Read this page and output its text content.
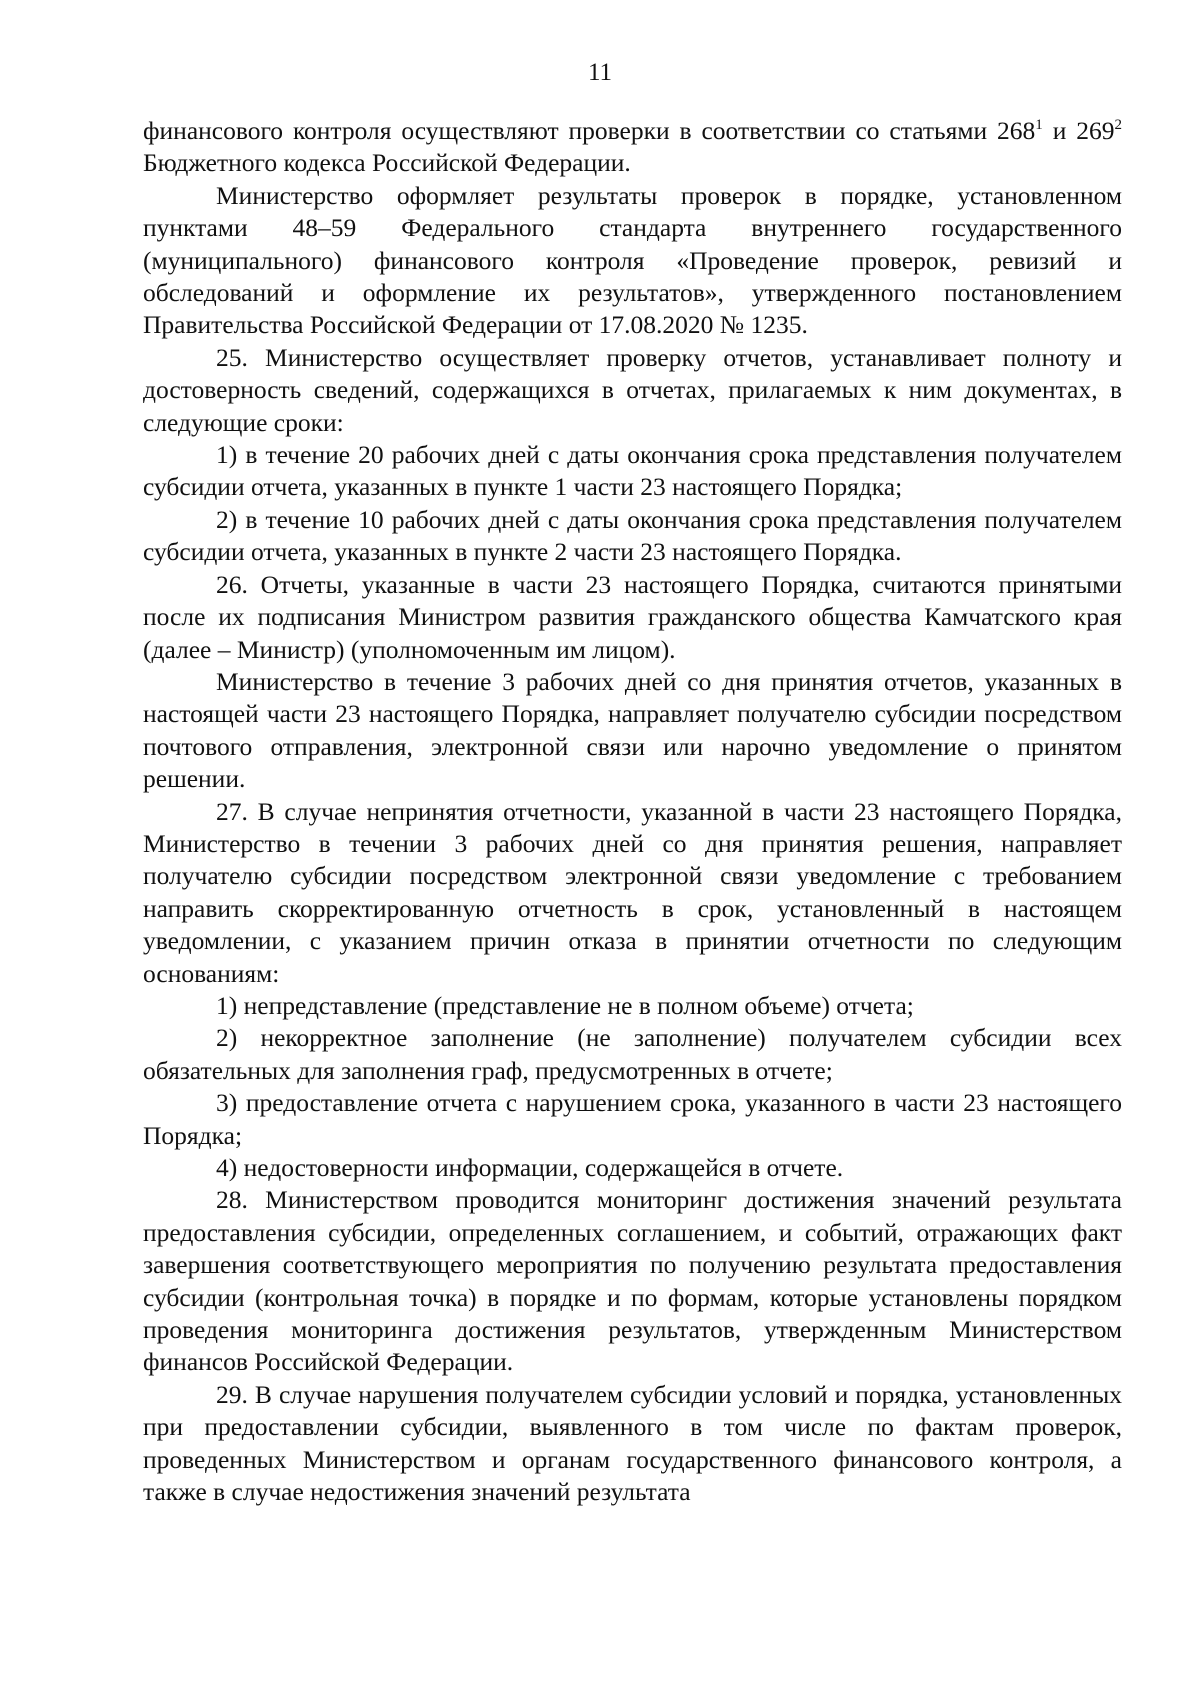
11

финансового контроля осуществляют проверки в соответствии со статьями $268^1$ и $269^2$ Бюджетного кодекса Российской Федерации.

Министерство оформляет результаты проверок в порядке, установленном пунктами 48–59 Федерального стандарта внутреннего государственного (муниципального) финансового контроля «Проведение проверок, ревизий и обследований и оформление их результатов», утвержденного постановлением Правительства Российской Федерации от 17.08.2020 № 1235.

25. Министерство осуществляет проверку отчетов, устанавливает полноту и достоверность сведений, содержащихся в отчетах, прилагаемых к ним документах, в следующие сроки:

1) в течение 20 рабочих дней с даты окончания срока представления получателем субсидии отчета, указанных в пункте 1 части 23 настоящего Порядка;

2) в течение 10 рабочих дней с даты окончания срока представления получателем субсидии отчета, указанных в пункте 2 части 23 настоящего Порядка.

26. Отчеты, указанные в части 23 настоящего Порядка, считаются принятыми после их подписания Министром развития гражданского общества Камчатского края (далее – Министр) (уполномоченным им лицом).

Министерство в течение 3 рабочих дней со дня принятия отчетов, указанных в настоящей части 23 настоящего Порядка, направляет получателю субсидии посредством почтового отправления, электронной связи или нарочно уведомление о принятом решении.

27. В случае непринятия отчетности, указанной в части 23 настоящего Порядка, Министерство в течении 3 рабочих дней со дня принятия решения, направляет получателю субсидии посредством электронной связи уведомление с требованием направить скорректированную отчетность в срок, установленный в настоящем уведомлении, с указанием причин отказа в принятии отчетности по следующим основаниям:

1) непредставление (представление не в полном объеме) отчета;

2) некорректное заполнение (не заполнение) получателем субсидии всех обязательных для заполнения граф, предусмотренных в отчете;

3) предоставление отчета с нарушением срока, указанного в части 23 настоящего Порядка;

4) недостоверности информации, содержащейся в отчете.

28. Министерством проводится мониторинг достижения значений результата предоставления субсидии, определенных соглашением, и событий, отражающих факт завершения соответствующего мероприятия по получению результата предоставления субсидии (контрольная точка) в порядке и по формам, которые установлены порядком проведения мониторинга достижения результатов, утвержденным Министерством финансов Российской Федерации.

29. В случае нарушения получателем субсидии условий и порядка, установленных при предоставлении субсидии, выявленного в том числе по фактам проверок, проведенных Министерством и органам государственного финансового контроля, а также в случае недостижения значений результата
